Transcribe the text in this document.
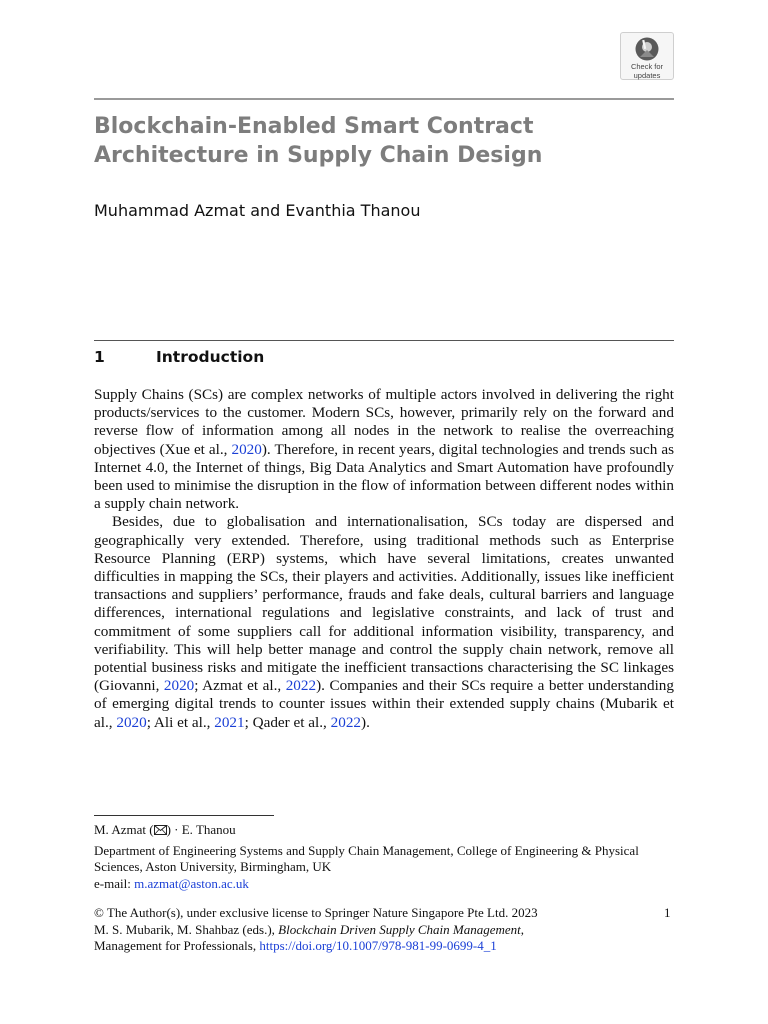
Check for
updates
Blockchain-Enabled Smart Contract Architecture in Supply Chain Design

Muhammad Azmat and Evanthia Thanou

1	Introduction

Supply Chains (SCs) are complex networks of multiple actors involved in delivering the right products/services to the customer. Modern SCs, however, primarily rely on the forward and reverse flow of information among all nodes in the network to realise the overreaching objectives (Xue et al., 2020). Therefore, in recent years, digital technologies and trends such as Internet 4.0, the Internet of things, Big Data Analytics and Smart Automation have profoundly been used to minimise the disruption in the flow of information between different nodes within a supply chain network.

Besides, due to globalisation and internationalisation, SCs today are dispersed and geographically very extended. Therefore, using traditional methods such as Enterprise Resource Planning (ERP) systems, which have several limitations, creates unwanted difficulties in mapping the SCs, their players and activities. Additionally, issues like inefficient transactions and suppliers’ performance, frauds and fake deals, cultural barriers and language differences, international regulations and legislative constraints, and lack of trust and commitment of some suppliers call for additional information visibility, transparency, and verifiability. This will help better manage and control the supply chain network, remove all potential business risks and mitigate the inefficient transactions characterising the SC linkages (Giovanni, 2020; Azmat et al., 2022). Companies and their SCs require a better understanding of emerging digital trends to counter issues within their extended supply chains (Mubarik et al., 2020; Ali et al., 2021; Qader et al., 2022).

M. Azmat ( ) · E. Thanou

Department of Engineering Systems and Supply Chain Management, College of Engineering & Physical Sciences, Aston University, Birmingham, UK

e-mail: m.azmat@aston.ac.uk

© The Author(s), under exclusive license to Springer Nature Singapore Pte Ltd. 2023

M. S. Mubarik, M. Shahbaz (eds.), Blockchain Driven Supply Chain Management,

Management for Professionals, https://doi.org/10.1007/978-981-99-0699-4_1

1
